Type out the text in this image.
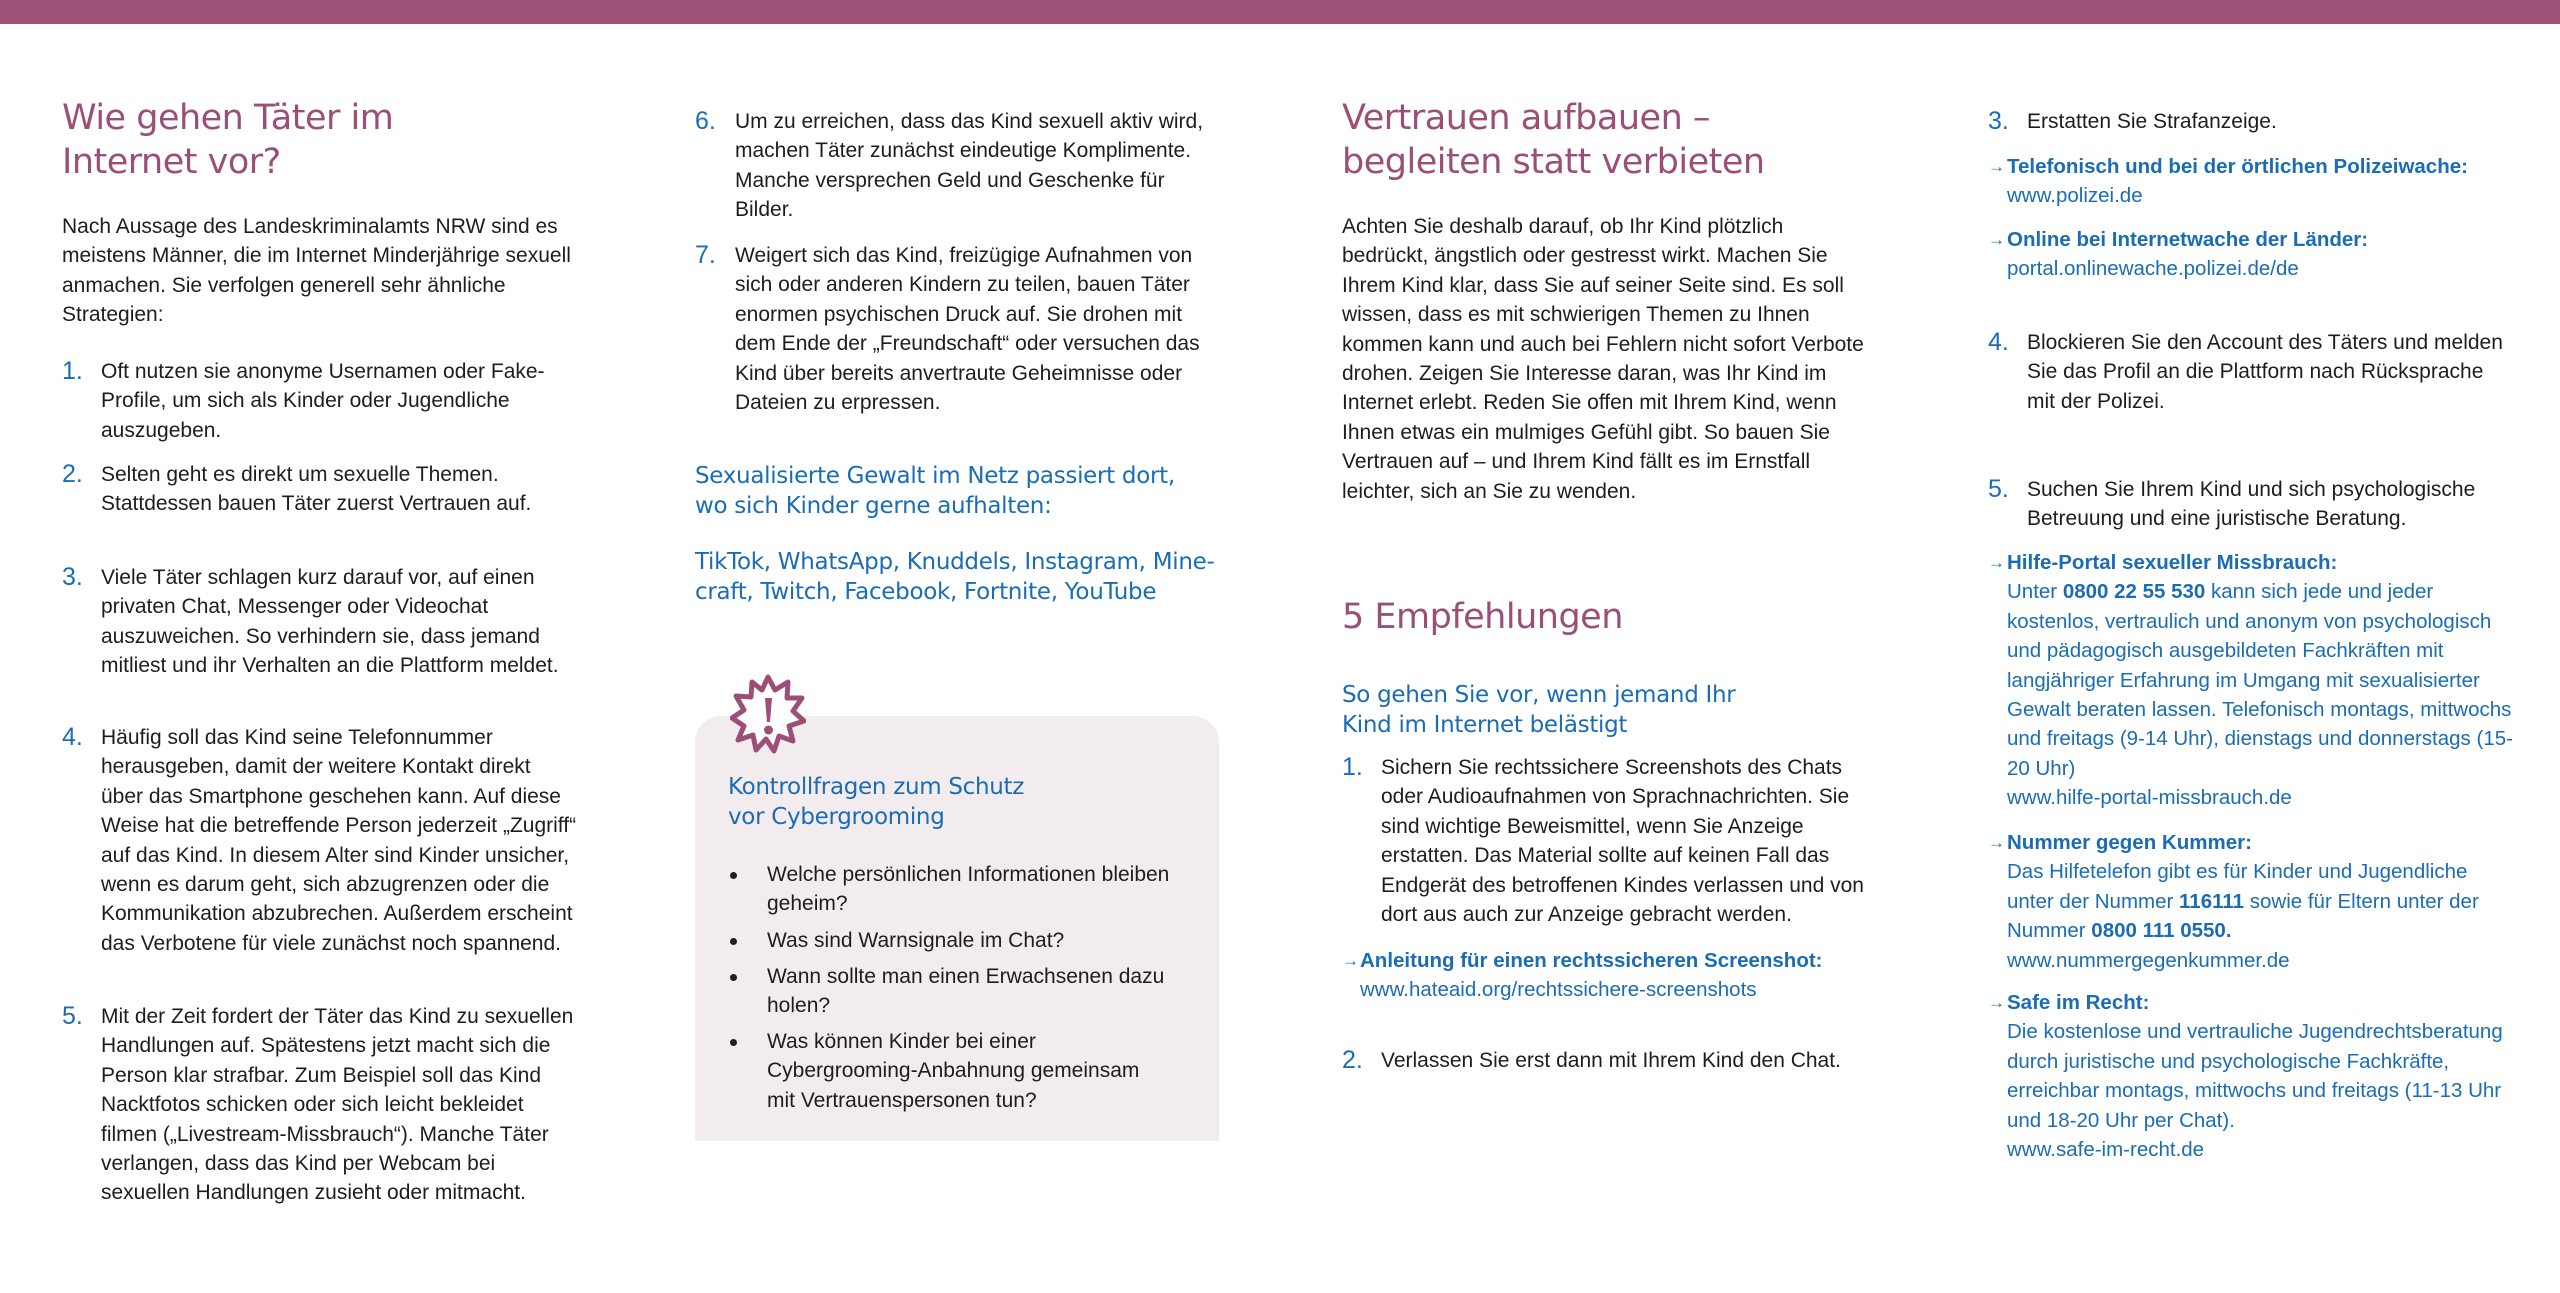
Wie gehen Täter im
Internet vor?
Nach Aussage des Landeskriminalamts NRW sind es meistens Männer, die im Internet Minderjährige sexuell anmachen. Sie verfolgen generell sehr ähnliche Strategien:
1. Oft nutzen sie anonyme Usernamen oder Fake-Profile, um sich als Kinder oder Jugendliche auszugeben.
2. Selten geht es direkt um sexuelle Themen. Stattdessen bauen Täter zuerst Vertrauen auf.
3. Viele Täter schlagen kurz darauf vor, auf einen privaten Chat, Messenger oder Videochat auszuweichen. So verhindern sie, dass jemand mitliest und ihr Verhalten an die Plattform meldet.
4. Häufig soll das Kind seine Telefonnummer herausgeben, damit der weitere Kontakt direkt über das Smartphone geschehen kann. Auf diese Weise hat die betreffende Person jederzeit „Zugriff“ auf das Kind. In diesem Alter sind Kinder unsicher, wenn es darum geht, sich abzugrenzen oder die Kommunikation abzubrechen. Außerdem erscheint das Verbotene für viele zunächst noch spannend.
5. Mit der Zeit fordert der Täter das Kind zu sexuellen Handlungen auf. Spätestens jetzt macht sich die Person klar strafbar. Zum Beispiel soll das Kind Nacktfotos schicken oder sich leicht bekleidet filmen („Livestream-Missbrauch“). Manche Täter verlangen, dass das Kind per Webcam bei sexuellen Handlungen zusieht oder mitmacht.
6. Um zu erreichen, dass das Kind sexuell aktiv wird, machen Täter zunächst eindeutige Komplimente. Manche versprechen Geld und Geschenke für Bilder.
7. Weigert sich das Kind, freizügige Aufnahmen von sich oder anderen Kindern zu teilen, bauen Täter enormen psychischen Druck auf. Sie drohen mit dem Ende der „Freundschaft“ oder versuchen das Kind über bereits anvertraute Geheimnisse oder Dateien zu erpressen.
Sexualisierte Gewalt im Netz passiert dort,
wo sich Kinder gerne aufhalten:
TikTok, WhatsApp, Knuddels, Instagram, Mine-
craft, Twitch, Facebook, Fortnite, YouTube
Kontrollfragen zum Schutz
vor Cybergrooming
Welche persönlichen Informationen bleiben geheim?
Was sind Warnsignale im Chat?
Wann sollte man einen Erwachsenen dazu holen?
Was können Kinder bei einer Cybergrooming-Anbahnung gemeinsam mit Vertrauenspersonen tun?
Vertrauen aufbauen –
begleiten statt verbieten
Achten Sie deshalb darauf, ob Ihr Kind plötzlich bedrückt, ängstlich oder gestresst wirkt. Machen Sie Ihrem Kind klar, dass Sie auf seiner Seite sind. Es soll wissen, dass es mit schwierigen Themen zu Ihnen kommen kann und auch bei Fehlern nicht sofort Verbote drohen. Zeigen Sie Interesse daran, was Ihr Kind im Internet erlebt. Reden Sie offen mit Ihrem Kind, wenn Ihnen etwas ein mulmiges Gefühl gibt. So bauen Sie Vertrauen auf – und Ihrem Kind fällt es im Ernstfall leichter, sich an Sie zu wenden.
5 Empfehlungen
So gehen Sie vor, wenn jemand Ihr
Kind im Internet belästigt
1. Sichern Sie rechtssichere Screenshots des Chats oder Audioaufnahmen von Sprachnachrichten. Sie sind wichtige Beweismittel, wenn Sie Anzeige erstatten. Das Material sollte auf keinen Fall das Endgerät des betroffenen Kindes verlassen und von dort aus auch zur Anzeige gebracht werden.
→ Anleitung für einen rechtssicheren Screenshot:
www.hateaid.org/rechtssichere-screenshots
2. Verlassen Sie erst dann mit Ihrem Kind den Chat.
3. Erstatten Sie Strafanzeige.
→ Telefonisch und bei der örtlichen Polizeiwache:
www.polizei.de
→ Online bei Internetwache der Länder:
portal.onlinewache.polizei.de/de
4. Blockieren Sie den Account des Täters und melden Sie das Profil an die Plattform nach Rücksprache mit der Polizei.
5. Suchen Sie Ihrem Kind und sich psychologische Betreuung und eine juristische Beratung.
→ Hilfe-Portal sexueller Missbrauch:
Unter 0800 22 55 530 kann sich jede und jeder kostenlos, vertraulich und anonym von psychologisch und pädagogisch ausgebildeten Fachkräften mit langjähriger Erfahrung im Umgang mit sexualisierter Gewalt beraten lassen. Telefonisch montags, mittwochs und freitags (9-14 Uhr), dienstags und donnerstags (15-20 Uhr)
www.hilfe-portal-missbrauch.de
→ Nummer gegen Kummer:
Das Hilfetelefon gibt es für Kinder und Jugendliche unter der Nummer 116111 sowie für Eltern unter der Nummer 0800 111 0550.
www.nummergegenkummer.de
→ Safe im Recht:
Die kostenlose und vertrauliche Jugendrechtsberatung durch juristische und psychologische Fachkräfte, erreichbar montags, mittwochs und freitags (11-13 Uhr und 18-20 Uhr per Chat).
www.safe-im-recht.de
